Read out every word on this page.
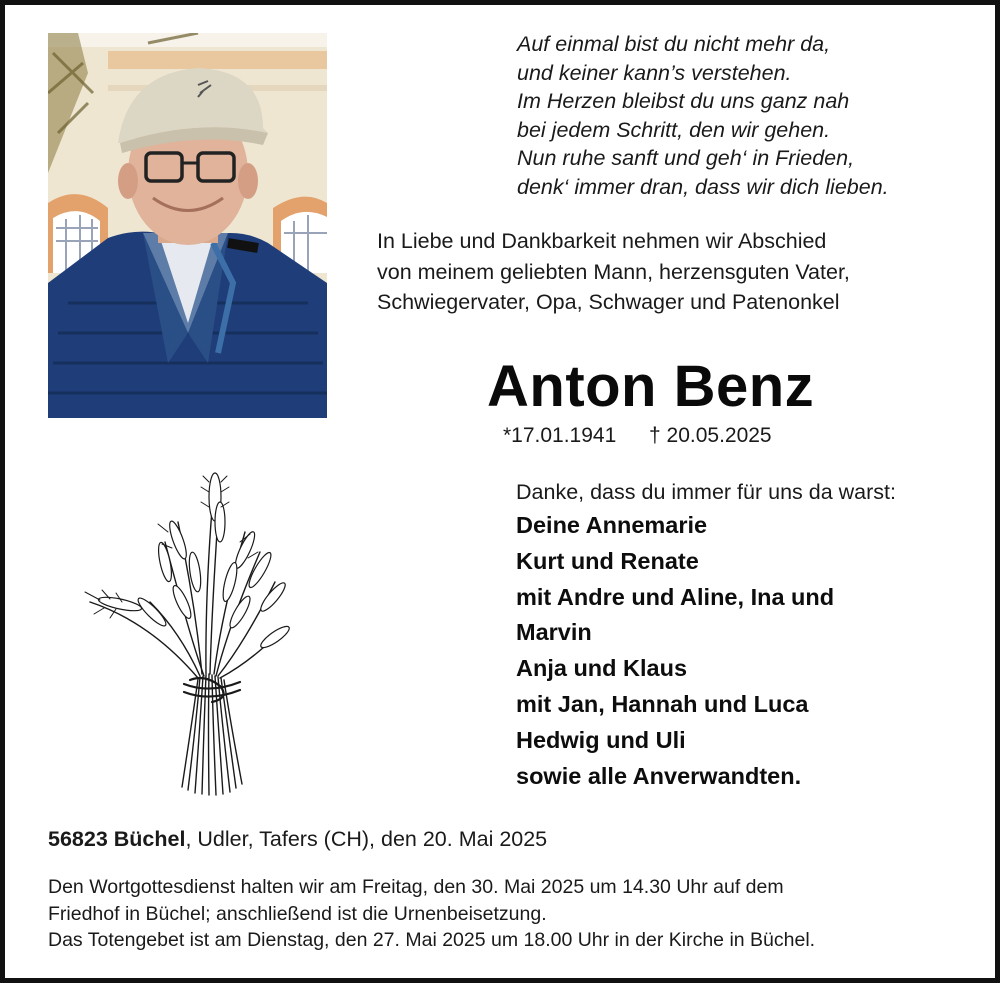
Auf einmal bist du nicht mehr da,
und keiner kann’s verstehen.
Im Herzen bleibst du uns ganz nah
bei jedem Schritt, den wir gehen.
Nun ruhe sanft und geh‘ in Frieden,
denk‘ immer dran, dass wir dich lieben.
In Liebe und Dankbarkeit nehmen wir Abschied
von meinem geliebten Mann, herzensguten Vater,
Schwiegervater, Opa, Schwager und Patenonkel
Anton Benz
*17.01.1941 † 20.05.2025
Danke, dass du immer für uns da warst:
Deine Annemarie
Kurt und Renate
mit Andre und Aline, Ina und
Marvin
Anja und Klaus
mit Jan, Hannah und Luca
Hedwig und Uli
sowie alle Anverwandten.
56823 Büchel, Udler, Tafers (CH), den 20. Mai 2025
Den Wortgottesdienst halten wir am Freitag, den 30. Mai 2025 um 14.30 Uhr auf dem
Friedhof in Büchel; anschließend ist die Urnenbeisetzung.
Das Totengebet ist am Dienstag, den 27. Mai 2025 um 18.00 Uhr in der Kirche in Büchel.
